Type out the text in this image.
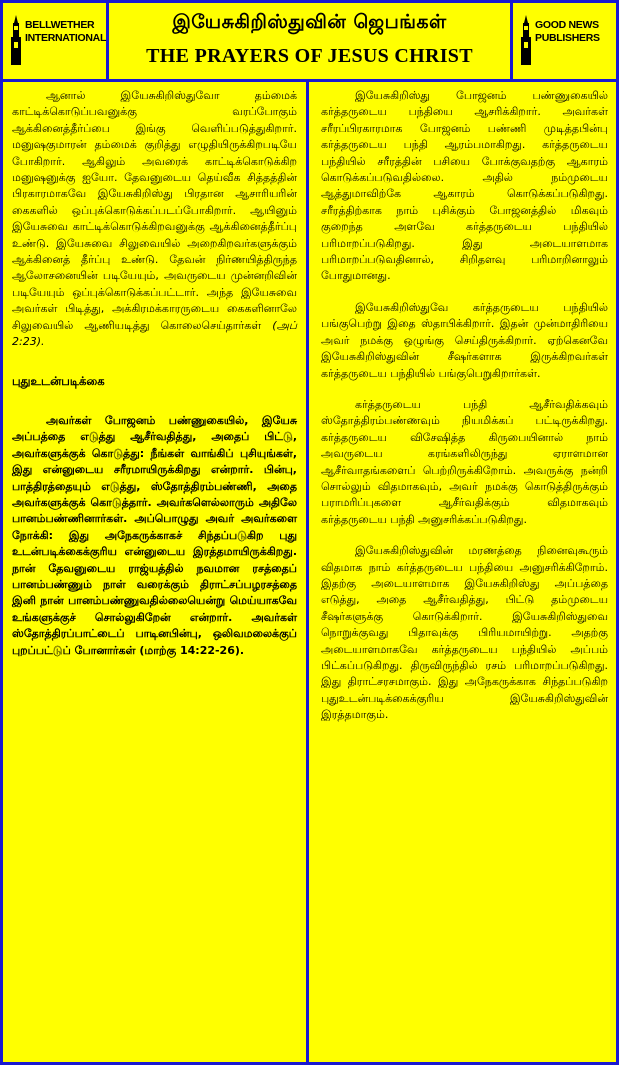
BELLWETHER
INTERNATIONAL
இயேசுகிறிஸ்துவின் ஜெபங்கள்
THE PRAYERS OF JESUS CHRIST
GOOD NEWS
PUBLISHERS

ஆனால் இயேசுகிறிஸ்துவோ தம்மைக் காட்டிக்கொடுப்பவனுக்கு வரப்போகும் ஆக்கினைத்தீர்ப்பை இங்கு வெளிப்படுத்துகிறார். மனுஷகுமாரன் தம்மைக் குறித்து எழுதியிருக்கிறபடியே போகிறார். ஆகிலும் அவரைக் காட்டிக்கொடுக்கிற மனுஷனுக்கு ஐயோ. தேவனுடைய தெய்வீக சித்தத்தின் பிரகாரமாகவே இயேசுகிறிஸ்து பிரதான ஆசாரியரின் கைகளில் ஒப்புக்கொடுக்கப்படப்போகிறார். ஆயினும் இயேசுவை காட்டிக்கொடுக்கிறவனுக்கு ஆக்கினைத்தீர்ப்பு உண்டு. இயேசுவை சிலுவையில் அறைகிறவர்களுக்கும் ஆக்கினைத் தீர்ப்பு உண்டு. தேவன் நிர்ணயித்திருந்த ஆலோசனையின் படியேயும், அவருடைய முன்னறிவின் படியேயும் ஒப்புக்கொடுக்கப்பட்டார். அந்த இயேசுவை அவர்கள் பிடித்து, அக்கிரமக்காரருடைய கைகளினாலே சிலுவையில் ஆணியடித்து கொலைசெய்தார்கள் (அப் 2:23).

புதுஉடன்படிக்கை

அவர்கள் போஜனம் பண்ணுகையில், இயேசு அப்பத்தை எடுத்து ஆசீர்வதித்து, அதைப் பிட்டு, அவர்களுக்குக் கொடுத்து: நீங்கள் வாங்கிப் புசியுங்கள், இது என்னுடைய சரீரமாயிருக்கிறது என்றார். பின்பு, பாத்திரத்தையும் எடுத்து, ஸ்தோத்திரம்பண்ணி, அதை அவர்களுக்குக் கொடுத்தார். அவர்களெல்லாரும் அதிலே பானம்பண்ணினார்கள். அப்பொழுது அவர் அவர்களை நோக்கி: இது அநேகருக்காகச் சிந்தப்படுகிற புது உடன்படிக்கைக்குரிய என்னுடைய இரத்தமாயிருக்கிறது. நான் தேவனுடைய ராஜ்யத்தில் நவமான ரசத்தைப் பானம்பண்ணும் நாள் வரைக்கும் திராட்சப்பழரசத்தை இனி நான் பானம்பண்ணுவதில்லையென்று மெய்யாகவே உங்களுக்குச் சொல்லுகிறேன் என்றார். அவர்கள் ஸ்தோத்திரப்பாட்டைப் பாடினபின்பு, ஒலிவமலைக்குப் புறப்பட்டுப் போனார்கள் (மாற்கு 14:22-26).

இயேசுகிறிஸ்து போஜனம் பண்ணுகையில் கர்த்தருடைய பந்தியை ஆசரிக்கிறார். அவர்கள் சரீரப்பிரகாரமாக போஜனம் பண்ணி முடித்தபின்பு கர்த்தருடைய பந்தி ஆரம்பமாகிறது. கர்த்தருடைய பந்தியில் சரீரத்தின் பசியை போக்குவதற்கு ஆகாரம் கொடுக்கப்படுவதில்லை. அதில் நம்முடைய ஆத்துமாவிற்கே ஆகாரம் கொடுக்கப்படுகிறது. சரீரத்திற்காக நாம் புசிக்கும் போஜனத்தில் மிகவும் குறைந்த அளவே கர்த்தருடைய பந்தியில் பரிமாறப்படுகிறது. இது அடையாளமாக பரிமாறப்படுவதினால், சிறிதளவு பரிமாறினாலும் போதுமானது.

இயேசுகிறிஸ்துவே கர்த்தருடைய பந்தியில் பங்குபெற்று இதை ஸ்தாபிக்கிறார். இதன் முன்மாதிரியை அவர் நமக்கு ஒழுங்கு செய்திருக்கிறார். ஏற்கெனவே இயேசுகிறிஸ்துவின் சீஷர்களாக இருக்கிறவர்கள் கர்த்தருடைய பந்தியில் பங்குபெறுகிறார்கள்.

கர்த்தருடைய பந்தி ஆசீர்வதிக்கவும் ஸ்தோத்திரம்பண்ணவும் நியமிக்கப் பட்டிருக்கிறது. கர்த்தருடைய விசேஷித்த கிருபையினால் நாம் அவருடைய கரங்களிலிருந்து ஏராளமான ஆசீர்வாதங்களைப் பெற்றிருக்கிறோம். அவருக்கு நன்றி சொல்லும் விதமாகவும், அவர் நமக்கு கொடுத்திருக்கும் பராமரிப்புகளை ஆசீர்வதிக்கும் விதமாகவும் கர்த்தருடைய பந்தி அனுசரிக்கப்படுகிறது.

இயேசுகிறிஸ்துவின் மரணத்தை நினைவுகூரும் விதமாக நாம் கர்த்தருடைய பந்தியை அனுசரிக்கிறோம். இதற்கு அடையாளமாக இயேசுகிறிஸ்து அப்பத்தை எடுத்து, அதை ஆசீர்வதித்து, பிட்டு தம்முடைய சீஷர்களுக்கு கொடுக்கிறார். இயேசுகிறிஸ்துவை நொறுக்குவது பிதாவுக்கு பிரியமாயிற்று. அதற்கு அடையாளமாகவே கர்த்தருடைய பந்தியில் அப்பம் பிட்கப்படுகிறது. திருவிருந்தில் ரசம் பரிமாறப்படுகிறது. இது திராட்சரசமாகும். இது அநேகருக்காக சிந்தப்படுகிற புதுஉடன்படிக்கைக்குரிய இயேசுகிறிஸ்துவின் இரத்தமாகும்.
